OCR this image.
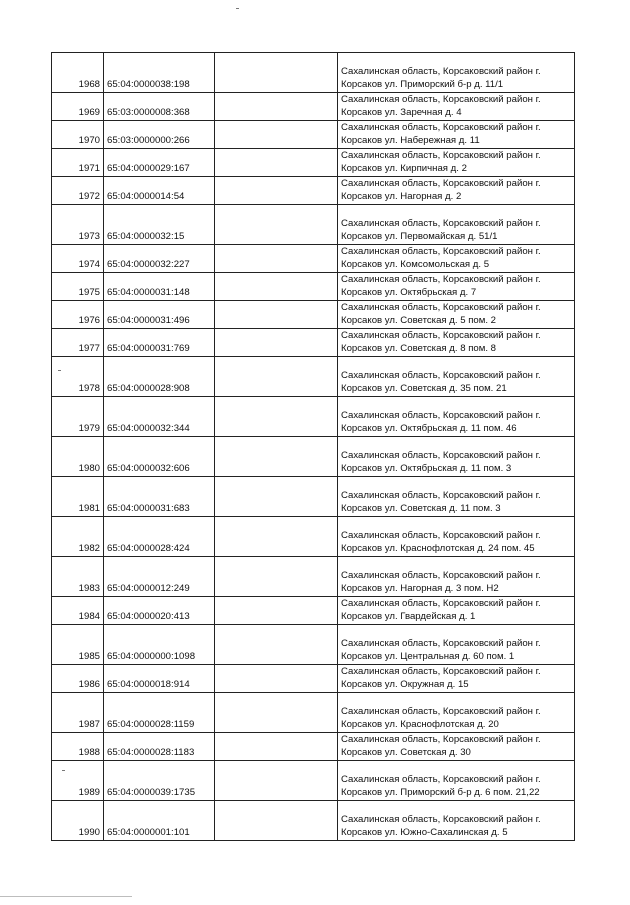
1968	65:04:0000038:198		Сахалинская область, Корсаковский район г.
Корсаков ул. Приморский б-р д. 11/1

1969	65:03:0000008:368		Сахалинская область, Корсаковский район г.
Корсаков ул. Заречная д. 4

1970	65:03:0000000:266		Сахалинская область, Корсаковский район г.
Корсаков ул. Набережная д. 11

1971	65:04:0000029:167		Сахалинская область, Корсаковский район г.
Корсаков ул. Кирпичная д. 2

1972	65:04:0000014:54		Сахалинская область, Корсаковский район г.
Корсаков ул. Нагорная д. 2

1973	65:04:0000032:15		Сахалинская область, Корсаковский район г.
Корсаков ул. Первомайская д. 51/1

1974	65:04:0000032:227		Сахалинская область, Корсаковский район г.
Корсаков ул. Комсомольская д. 5

1975	65:04:0000031:148		Сахалинская область, Корсаковский район г.
Корсаков ул. Октябрьская д. 7

1976	65:04:0000031:496		Сахалинская область, Корсаковский район г.
Корсаков ул. Советская д. 5 пом. 2

1977	65:04:0000031:769		Сахалинская область, Корсаковский район г.
Корсаков ул. Советская д. 8 пом. 8

1978	65:04:0000028:908		Сахалинская область, Корсаковский район г.
Корсаков ул. Советская д. 35 пом. 21

1979	65:04:0000032:344		Сахалинская область, Корсаковский район г.
Корсаков ул. Октябрьская д. 11 пом. 46

1980	65:04:0000032:606		Сахалинская область, Корсаковский район г.
Корсаков ул. Октябрьская д. 11 пом. 3

1981	65:04:0000031:683		Сахалинская область, Корсаковский район г.
Корсаков ул. Советская д. 11 пом. 3

1982	65:04:0000028:424		Сахалинская область, Корсаковский район г.
Корсаков ул. Краснофлотская д. 24 пом. 45

1983	65:04:0000012:249		Сахалинская область, Корсаковский район г.
Корсаков ул. Нагорная д. 3 пом. Н2

1984	65:04:0000020:413		Сахалинская область, Корсаковский район г.
Корсаков ул. Гвардейская д. 1

1985	65:04:0000000:1098		Сахалинская область, Корсаковский район г.
Корсаков ул. Центральная д. 60 пом. 1

1986	65:04:0000018:914		Сахалинская область, Корсаковский район г.
Корсаков ул. Окружная д. 15

1987	65:04:0000028:1159		Сахалинская область, Корсаковский район г.
Корсаков ул. Краснофлотская д. 20

1988	65:04:0000028:1183		Сахалинская область, Корсаковский район г.
Корсаков ул. Советская д. 30

1989	65:04:0000039:1735		Сахалинская область, Корсаковский район г.
Корсаков ул. Приморский б-р д. 6 пом. 21,22

1990	65:04:0000001:101		Сахалинская область, Корсаковский район г.
Корсаков ул. Южно-Сахалинская д. 5
